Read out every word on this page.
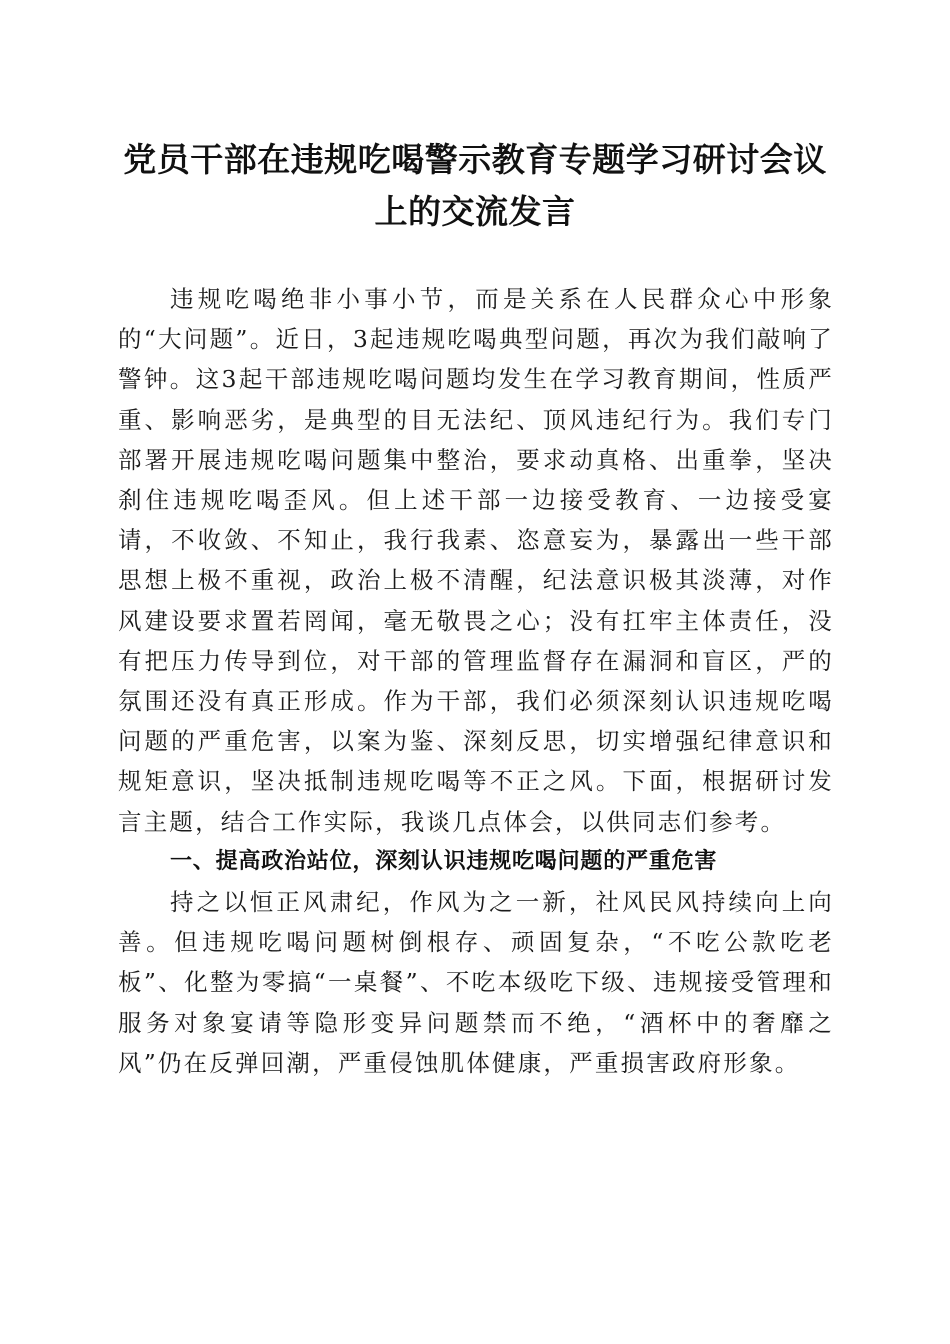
党员干部在违规吃喝警示教育专题学习研讨会议上的交流发言

违规吃喝绝非小事小节，而是关系在人民群众心中形象的“大问题”。近日，3起违规吃喝典型问题，再次为我们敲响了警钟。这3起干部违规吃喝问题均发生在学习教育期间，性质严重、影响恶劣，是典型的目无法纪、顶风违纪行为。我们专门部署开展违规吃喝问题集中整治，要求动真格、出重拳，坚决刹住违规吃喝歪风。但上述干部一边接受教育、一边接受宴请，不收敛、不知止，我行我素、恣意妄为，暴露出一些干部思想上极不重视，政治上极不清醒，纪法意识极其淡薄，对作风建设要求置若罔闻，毫无敬畏之心；没有扛牢主体责任，没有把压力传导到位，对干部的管理监督存在漏洞和盲区，严的氛围还没有真正形成。作为干部，我们必须深刻认识违规吃喝问题的严重危害，以案为鉴、深刻反思，切实增强纪律意识和规矩意识，坚决抵制违规吃喝等不正之风。下面，根据研讨发言主题，结合工作实际，我谈几点体会，以供同志们参考。

一、提高政治站位，深刻认识违规吃喝问题的严重危害

持之以恒正风肃纪，作风为之一新，社风民风持续向上向善。但违规吃喝问题树倒根存、顽固复杂，“不吃公款吃老板”、化整为零搞“一桌餐”、不吃本级吃下级、违规接受管理和服务对象宴请等隐形变异问题禁而不绝，“酒杯中的奢靡之风”仍在反弹回潮，严重侵蚀肌体健康，严重损害政府形象。
